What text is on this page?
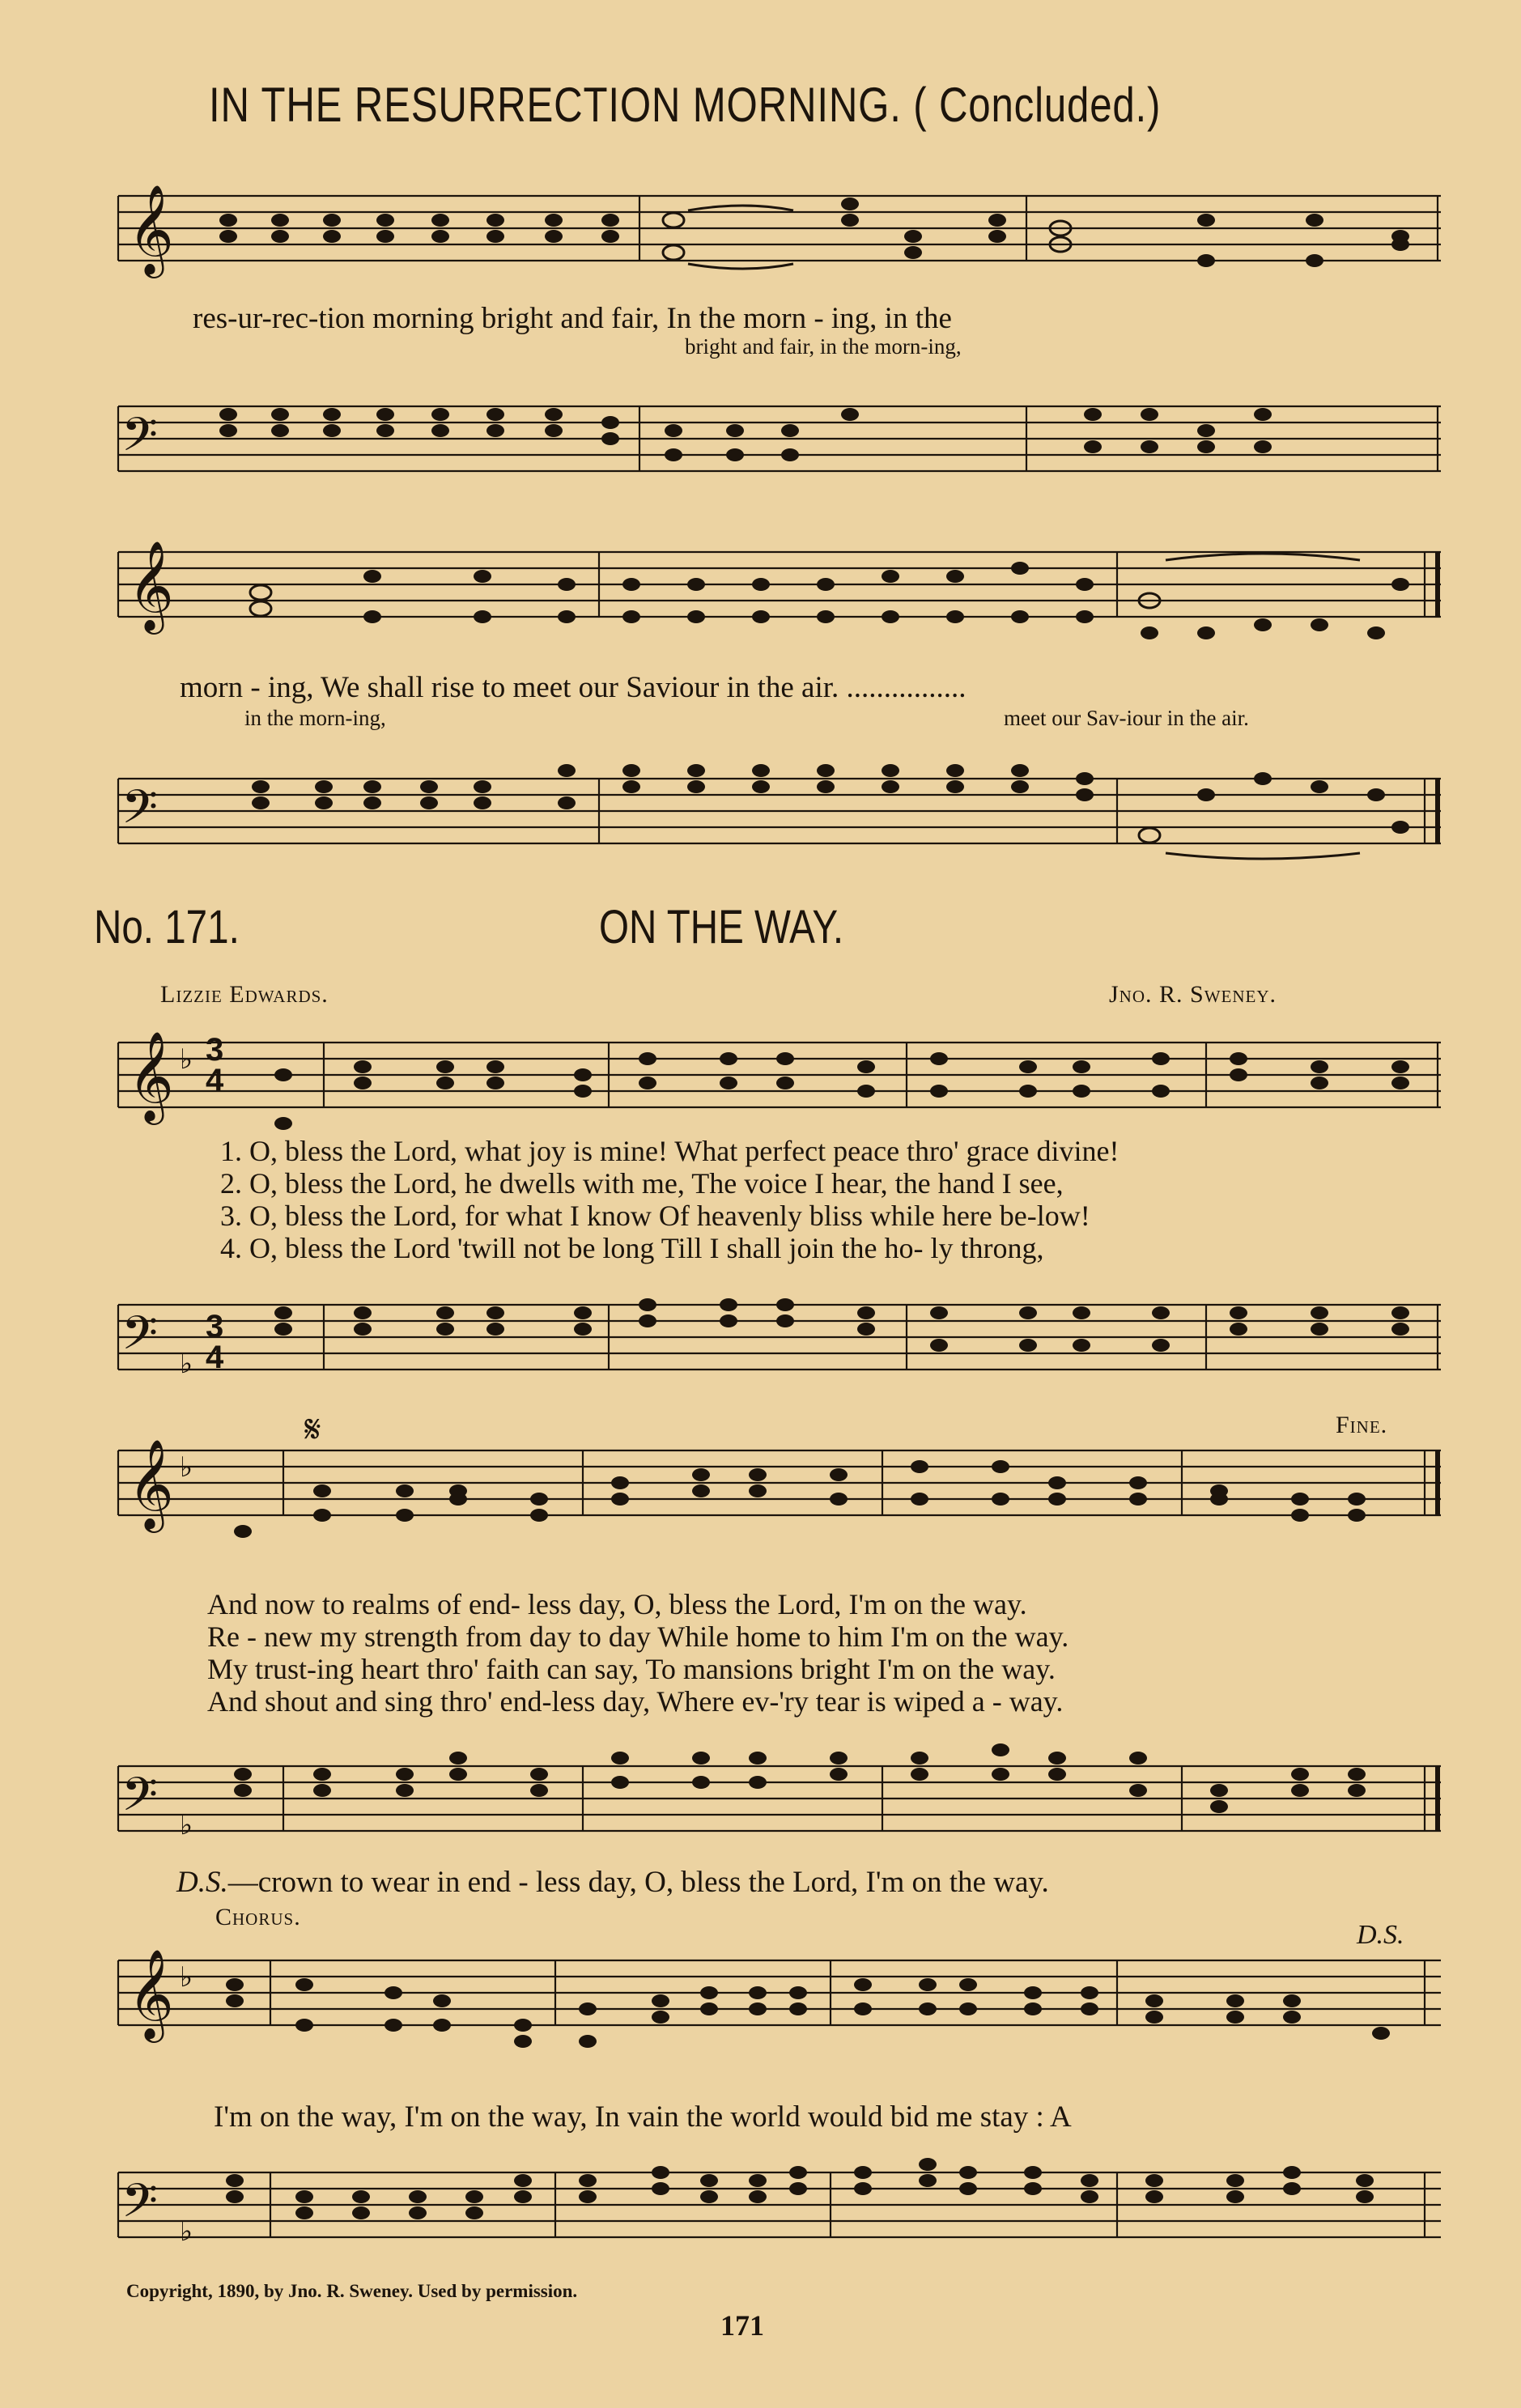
IN THE RESURRECTION MORNING. ( Concluded.)
𝄞
res-ur-rec-tion morning bright and fair, In the morn - ing, in the
bright and fair, in the morn-ing,
𝄢
𝄞
morn - ing, We shall rise to meet our Saviour in the air. ................
in the morn-ing,	meet our Sav-iour in the air.
𝄢
No. 171.	ON THE WAY.
Lizzie Edwards.	Jno. R. Sweney.
𝄞 ♭ 3
4
1. O, bless the Lord, what joy is mine! What perfect peace thro' grace divine!
2. O, bless the Lord, he dwells with me, The voice I hear, the hand I see,
3. O, bless the Lord, for what I know Of heavenly bliss while here be-low!
4. O, bless the Lord 'twill not be long Till I shall join the ho- ly throng,
𝄢 ♭
3
4
𝄋	Fine.
𝄞 ♭
And now to realms of end- less day, O, bless the Lord, I'm on the way.
Re - new my strength from day to day While home to him I'm on the way.
My trust-ing heart thro' faith can say, To mansions bright I'm on the way.
And shout and sing thro' end-less day, Where ev-'ry tear is wiped a - way.
𝄢 ♭
D.S.—crown to wear in end - less day, O, bless the Lord, I'm on the way.
Chorus.
D.S.
𝄞 ♭
I'm on the way, I'm on the way, In vain the world would bid me stay : A
𝄢 ♭
Copyright, 1890, by Jno. R. Sweney. Used by permission.
171
